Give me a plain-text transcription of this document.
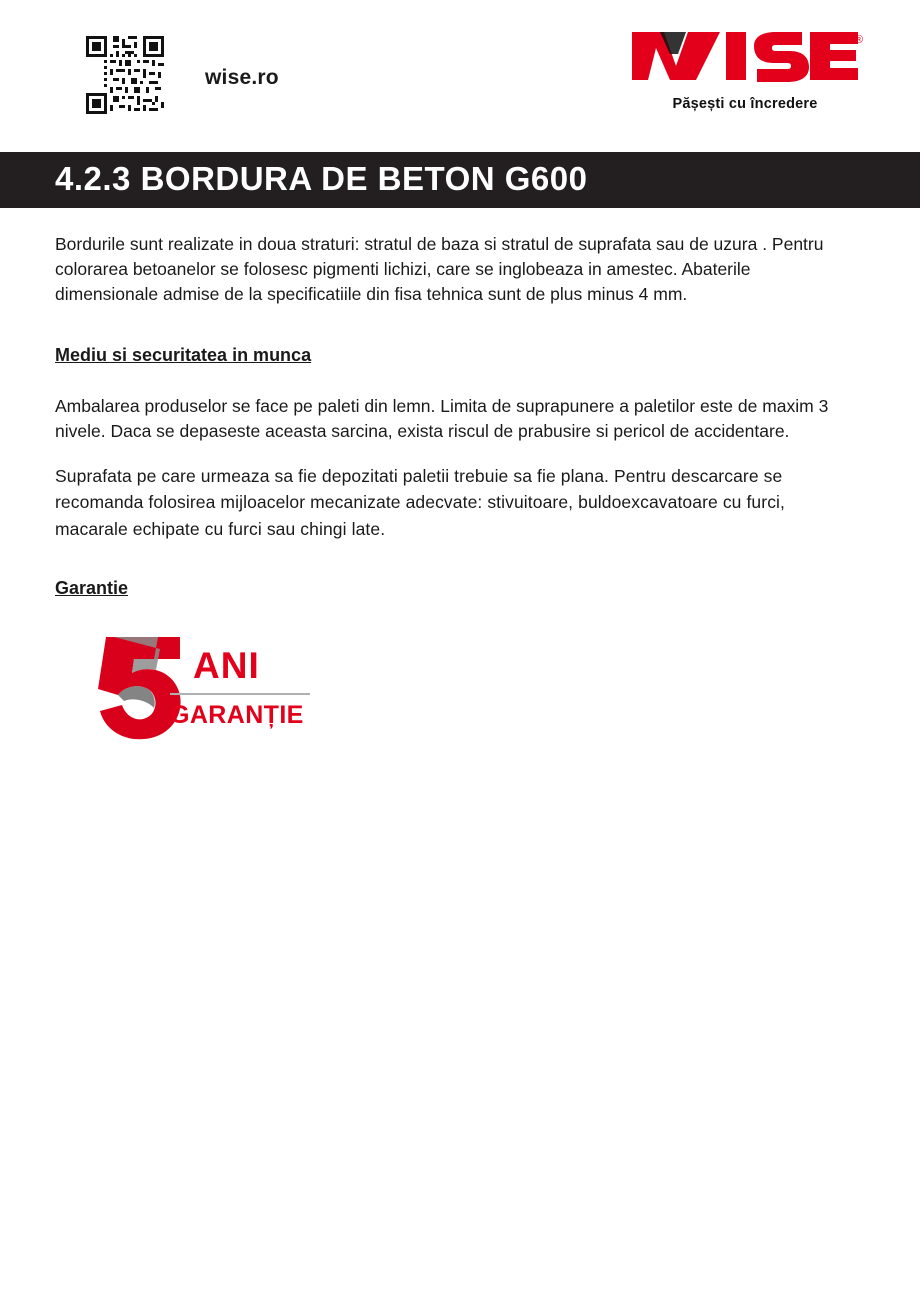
wise.ro
®
Pășești cu încredere
4.2.3 BORDURA DE BETON G600

Bordurile sunt realizate in doua straturi: stratul de baza si stratul de suprafata sau de uzura . Pentru colorarea betoanelor se folosesc pigmenti lichizi, care se inglobeaza in amestec. Abaterile dimensionale admise de la specificatiile din fisa tehnica sunt de plus minus 4 mm.

Mediu si securitatea in munca

Ambalarea produselor se face pe paleti din lemn. Limita de suprapunere a paletilor este de maxim 3 nivele. Daca se depaseste aceasta sarcina, exista riscul de prabusire si pericol de accidentare.

Suprafata pe care urmeaza sa fie depozitati paletii trebuie sa fie plana. Pentru descarcare se recomanda folosirea mijloacelor mecanizate adecvate: stivuitoare, buldoexcavatoare cu furci, macarale echipate cu furci sau chingi late.

Garantie
ANI
GARANȚIE
